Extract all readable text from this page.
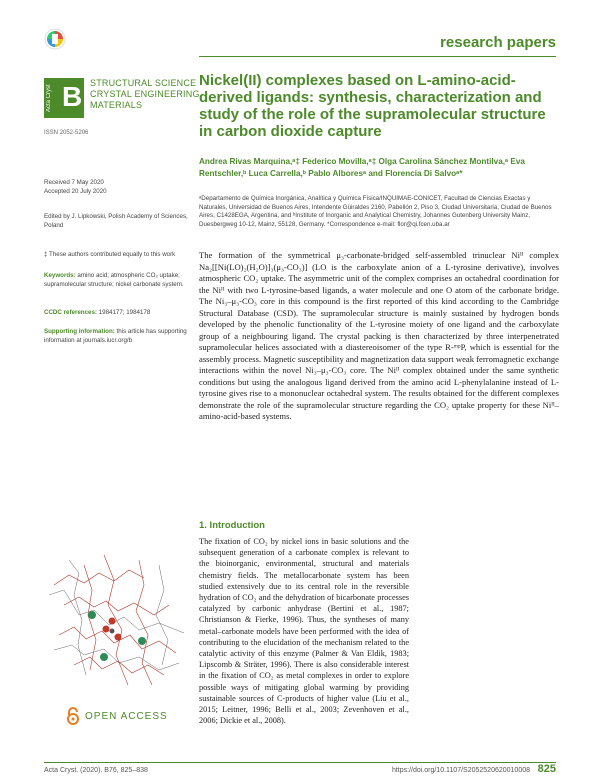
research papers
Acta Cryst B STRUCTURAL SCIENCE
CRYSTAL ENGINEERING
MATERIALS
ISSN 2052-5206
Nickel(II) complexes based on L-amino-acid-derived ligands: synthesis, characterization and study of the role of the supramolecular structure in carbon dioxide capture
Andrea Rivas Marquina,ᵃ‡ Federico Movilla,ᵃ‡ Olga Carolina Sánchez Montilva,ᵃ Eva Rentschler,ᵇ Luca Carrella,ᵇ Pablo Alboresᵃ and Florencia Di Salvoᵃ*
Received 7 May 2020
Accepted 20 July 2020
Edited by J. Lipkowski, Polish Academy of Sciences, Poland
‡ These authors contributed equally to this work
Keywords: amino acid; atmospheric CO₂ uptake; supramolecular structure; nickel carbonate system.
CCDC references: 1984177; 1984178
Supporting information: this article has supporting information at journals.iucr.org/b
ᵃDepartamento de Química Inorgánica, Analítica y Química Física/INQUIMAE-CONICET, Facultad de Ciencias Exactas y Naturales, Universidad de Buenos Aires, Intendente Güiraldes 2160, Pabellón 2, Piso 3, Ciudad Universitaria, Ciudad de Buenos Aires, C1428EGA, Argentina, and ᵇInstitute of Inorganic and Analytical Chemistry, Johannes Gutenberg University Mainz, Duesbergweg 10-12, Mainz, 55128, Germany. *Correspondence e-mail: flor@qi.fcen.uba.ar

The formation of the symmetrical μ₃-carbonate-bridged self-assembled trinuclear Niᴵᴵ complex Na₂[[Ni(LO)₂(H₂O)]₃(μ₃-CO₃)] (LO is the carboxylate anion of a L-tyrosine derivative), involves atmospheric CO₂ uptake. The asymmetric unit of the complex comprises an octahedral coordination for the Niᴵᴵ with two L-tyrosine-based ligands, a water molecule and one O atom of the carbonate bridge. The Ni₃–μ₃-CO₃ core in this compound is the first reported of this kind according to the Cambridge Structural Database (CSD). The supramolecular structure is mainly sustained by hydrogen bonds developed by the phenolic functionality of the L-tyrosine moiety of one ligand and the carboxylate group of a neighbouring ligand. The crystal packing is then characterized by three interpenetrated supramolecular helices associated with a diastereoisomer of the type R-ᵐᵖP, which is essential for the assembly process. Magnetic susceptibility and magnetization data support weak ferromagnetic exchange interactions within the novel Ni₃–μ₃-CO₃ core. The Niᴵᴵ complex obtained under the same synthetic conditions but using the analogous ligand derived from the amino acid L-phenylalanine instead of L-tyrosine gives rise to a mononuclear octahedral system. The results obtained for the different complexes demonstrate the role of the supramolecular structure regarding the CO₂ uptake property for these Niᴵᴵ–amino-acid-based systems.

1. Introduction

The fixation of CO₂ by nickel ions in basic solutions and the subsequent generation of a carbonate complex is relevant to the bioinorganic, environmental, structural and materials chemistry fields. The metallocarbonate system has been studied extensively due to its central role in the reversible hydration of CO₂ and the dehydration of bicarbonate processes catalyzed by carbonic anhydrase (Bertini et al., 1987; Christianson & Fierke, 1996). Thus, the syntheses of many metal–carbonate models have been performed with the idea of contributing to the elucidation of the mechanism related to the catalytic activity of this enzyme (Palmer & Van Eldik, 1983; Lipscomb & Sträter, 1996). There is also considerable interest in the fixation of CO₂ as metal complexes in order to explore possible ways of mitigating global warming by providing sustainable sources of C-products of higher value (Liu et al., 2015; Leitner, 1996; Belli et al., 2003; Zevenhoven et al., 2006; Dickie et al., 2008).

OPEN ACCESS
Acta Cryst. (2020). B76, 825–838	https://doi.org/10.1107/S2052520620010008 825
